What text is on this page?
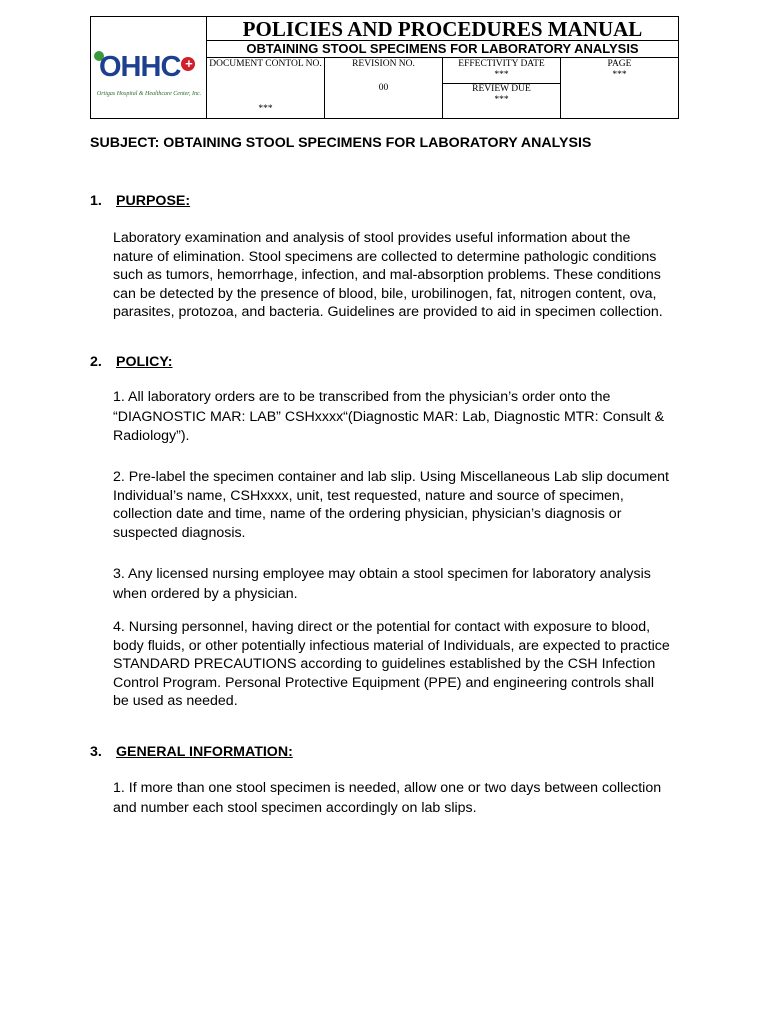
OHHC +
Ortigas Hospital & Healthcare Center, Inc.
POLICIES AND PROCEDURES MANUAL
OBTAINING STOOL SPECIMENS FOR LABORATORY ANALYSIS
DOCUMENT CONTOL NO.
***
REVISION NO.
00
EFFECTIVITY DATE
***
REVIEW DUE
***
PAGE
***
SUBJECT: OBTAINING STOOL SPECIMENS FOR LABORATORY ANALYSIS
1. PURPOSE:
Laboratory examination and analysis of stool provides useful information about the nature of elimination. Stool specimens are collected to determine pathologic conditions such as tumors, hemorrhage, infection, and mal-absorption problems. These conditions can be detected by the presence of blood, bile, urobilinogen, fat, nitrogen content, ova, parasites, protozoa, and bacteria. Guidelines are provided to aid in specimen collection.
2. POLICY:
1. All laboratory orders are to be transcribed from the physician’s order onto the “DIAGNOSTIC MAR: LAB” CSHxxxx“(Diagnostic MAR: Lab, Diagnostic MTR: Consult & Radiology”).
2. Pre-label the specimen container and lab slip. Using Miscellaneous Lab slip document Individual’s name, CSHxxxx, unit, test requested, nature and source of specimen, collection date and time, name of the ordering physician, physician’s diagnosis or suspected diagnosis.
3. Any licensed nursing employee may obtain a stool specimen for laboratory analysis when ordered by a physician.
4. Nursing personnel, having direct or the potential for contact with exposure to blood, body fluids, or other potentially infectious material of Individuals, are expected to practice STANDARD PRECAUTIONS according to guidelines established by the CSH Infection Control Program. Personal Protective Equipment (PPE) and engineering controls shall be used as needed.
3. GENERAL INFORMATION:
1. If more than one stool specimen is needed, allow one or two days between collection and number each stool specimen accordingly on lab slips.
